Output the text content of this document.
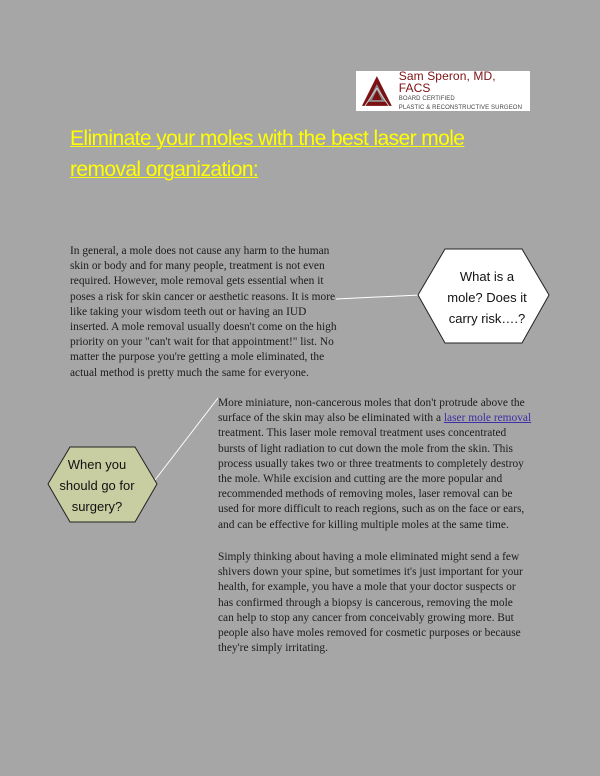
Sam Speron, MD, FACS
BOARD CERTIFIED
PLASTIC & RECONSTRUCTIVE SURGEON
Eliminate your moles with the best laser mole removal organization:

In general, a mole does not cause any harm to the human skin or body and for many people, treatment is not even required. However, mole removal gets essential when it poses a risk for skin cancer or aesthetic reasons. It is more like taking your wisdom teeth out or having an IUD inserted. A mole removal usually doesn't come on the high priority on your "can't wait for that appointment!" list. No matter the purpose you're getting a mole eliminated, the actual method is pretty much the same for everyone.

What is a mole? Does it carry risk….?

More miniature, non-cancerous moles that don't protrude above the surface of the skin may also be eliminated with a laser mole removal treatment. This laser mole removal treatment uses concentrated bursts of light radiation to cut down the mole from the skin. This process usually takes two or three treatments to completely destroy the mole. While excision and cutting are the more popular and recommended methods of removing moles, laser removal can be used for more difficult to reach regions, such as on the face or ears, and can be effective for killing multiple moles at the same time.

When you should go for surgery?

Simply thinking about having a mole eliminated might send a few shivers down your spine, but sometimes it's just important for your health, for example, you have a mole that your doctor suspects or has confirmed through a biopsy is cancerous, removing the mole can help to stop any cancer from conceivably growing more. But people also have moles removed for cosmetic purposes or because they're simply irritating.
